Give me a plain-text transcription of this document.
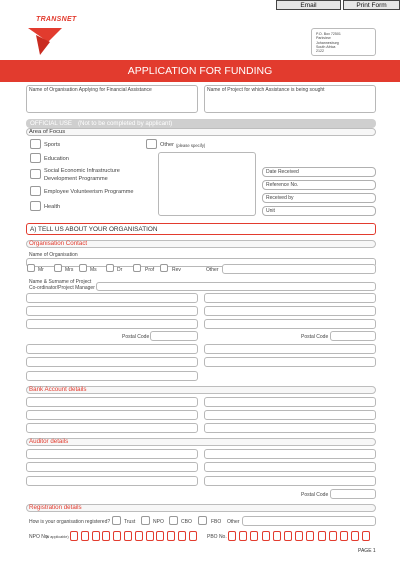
Email	Print Form
TRANSNET
P.O. Box 72501
Parkview
Johannesburg
South Africa
2122
APPLICATION FOR FUNDING
Name of Organisation Applying for Financial Assistance	Name of Project for which Assistance is being sought
OFFICIAL USE (Not to be completed by applicant)
Area of Focus
Sports
Education
Social Economic Infrastructure
Development Programme
Employee Volunteerism Programme
Health
Other (please specify)
Date Received
Reference No.
Received by
Unit
A) TELL US ABOUT YOUR ORGANISATION
Organisation Contact
Name of Organisation
Mr	Mrs	Ms	Dr	Prof	Rev	Other
Name & Surname of Project
Co-ordinator/Project Manager
Postal Code	Postal Code
Bank Account details
Auditor details
Postal Code
Registration details
How is your organisation registered?	Trust	NPO	CBO	FBO Other
NPO No.
(if applicable)	PBO No.
PAGE 1
